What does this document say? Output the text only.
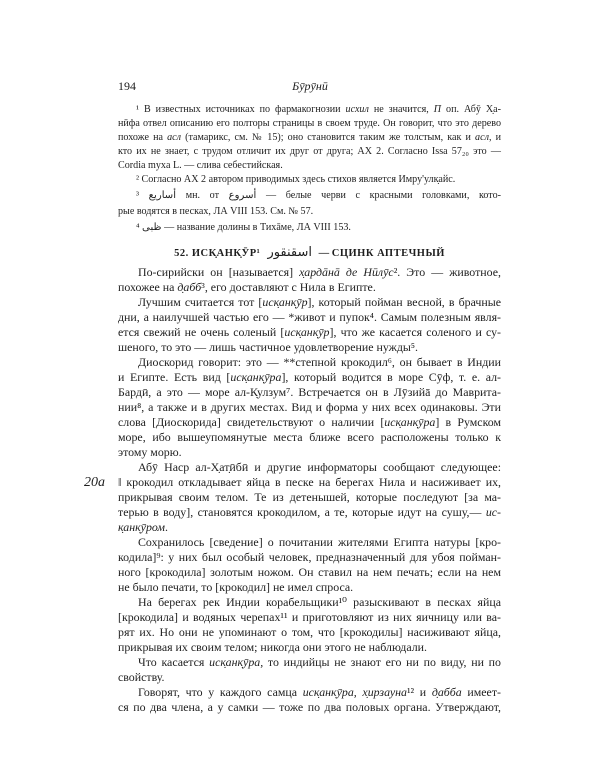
194	Бӯрӯнӣ
¹ В известных источниках по фармакогнозии исхил не значится, П оп. Абӯ Х̣а-
нӣфа отвел описанию его полторы страницы в своем труде. Он говорит, что это дерево
похоже на асл (тамарикс, см. № 15); оно становится таким же толстым, как и асл, и
кто их не знает, с трудом отличит их друг от друга; АХ 2. Согласно Issa 57₂₀ это —
Cordia myxa L. — слива себестийская.
² Согласно АХ 2 автором приводимых здесь стихов является Имру'улк̣айс.
³ أساريع мн. от أسروع — белые черви с красными головками, кото-
рые водятся в песках, ЛА VIII 153. См. № 57.
⁴ ظبى — название долины в Тихāме, ЛА VIII 153.
52. ИСК̣АНК̣ӮР¹ اسقنقور — СЦИНК АПТЕЧНЫЙ
По-сирийски он [называется] х̣ардāнā де Нӣлӯс². Это — животное,
похожее на д̣абб³, его доставляют с Нила в Египте.
Лучшим считается тот [иск̣анк̣ӯр], который пойман весной, в брачные
дни, а наилучшей частью его — *живот и пупок⁴. Самым полезным явля-
ется свежий не очень соленый [иск̣анк̣ӯр], что же касается соленого и су-
шеного, то это — лишь частичное удовлетворение нужды⁵.
Диоскорид говорит: это — **степной крокодил⁶, он бывает в Индии
и Египте. Есть вид [иск̣анк̣ӯра], который водится в море Сӯф, т. е. ал-
Бардӣ, а это — море ал-К̣улзум⁷. Встречается он в Лӯзийā до Маврита-
нии⁸, а также и в других местах. Вид и форма у них всех одинаковы. Эти
слова [Диоскорида] свидетельствуют о наличии [иск̣анк̣ӯра] в Румском
море, ибо вышеупомянутые места ближе всего расположены только к
этому морю.
Абӯ Наср ал-Х̣ат̣ӣбӣ и другие информаторы сообщают следующее:
‖ крокодил откладывает яйца в песке на берегах Нила и насиживает их,
20а
прикрывая своим телом. Те из детенышей, которые последуют [за ма-
терью в воду], становятся крокодилом, а те, которые идут на сушу,— ис-
к̣анк̣ӯром.
Сохранилось [сведение] о почитании жителями Египта натуры [кро-
кодила]⁹: у них был особый человек, предназначенный для убоя поймaн-
ного [крокодила] золотым ножом. Он ставил на нем печать; если на нем
не было печати, то [крокодил] не имел спроса.
На берегах рек Индии корабельщики¹⁰ разыскивают в песках яйца
[крокодила] и водяных черепах¹¹ и приготовляют из них яичницу или ва-
рят их. Но они не упоминают о том, что [крокодилы] насиживают яйца,
прикрывая их своим телом; никогда они этого не наблюдали.
Что касается иск̣анк̣ӯра, то индийцы не знают его ни по виду, ни по
свойству.
Говорят, что у каждого самца иск̣анк̣ӯра, х̣ирзауна¹² и д̣абба имеет-
ся по два члена, а у самки — тоже по два половых органа. Утверждают,
